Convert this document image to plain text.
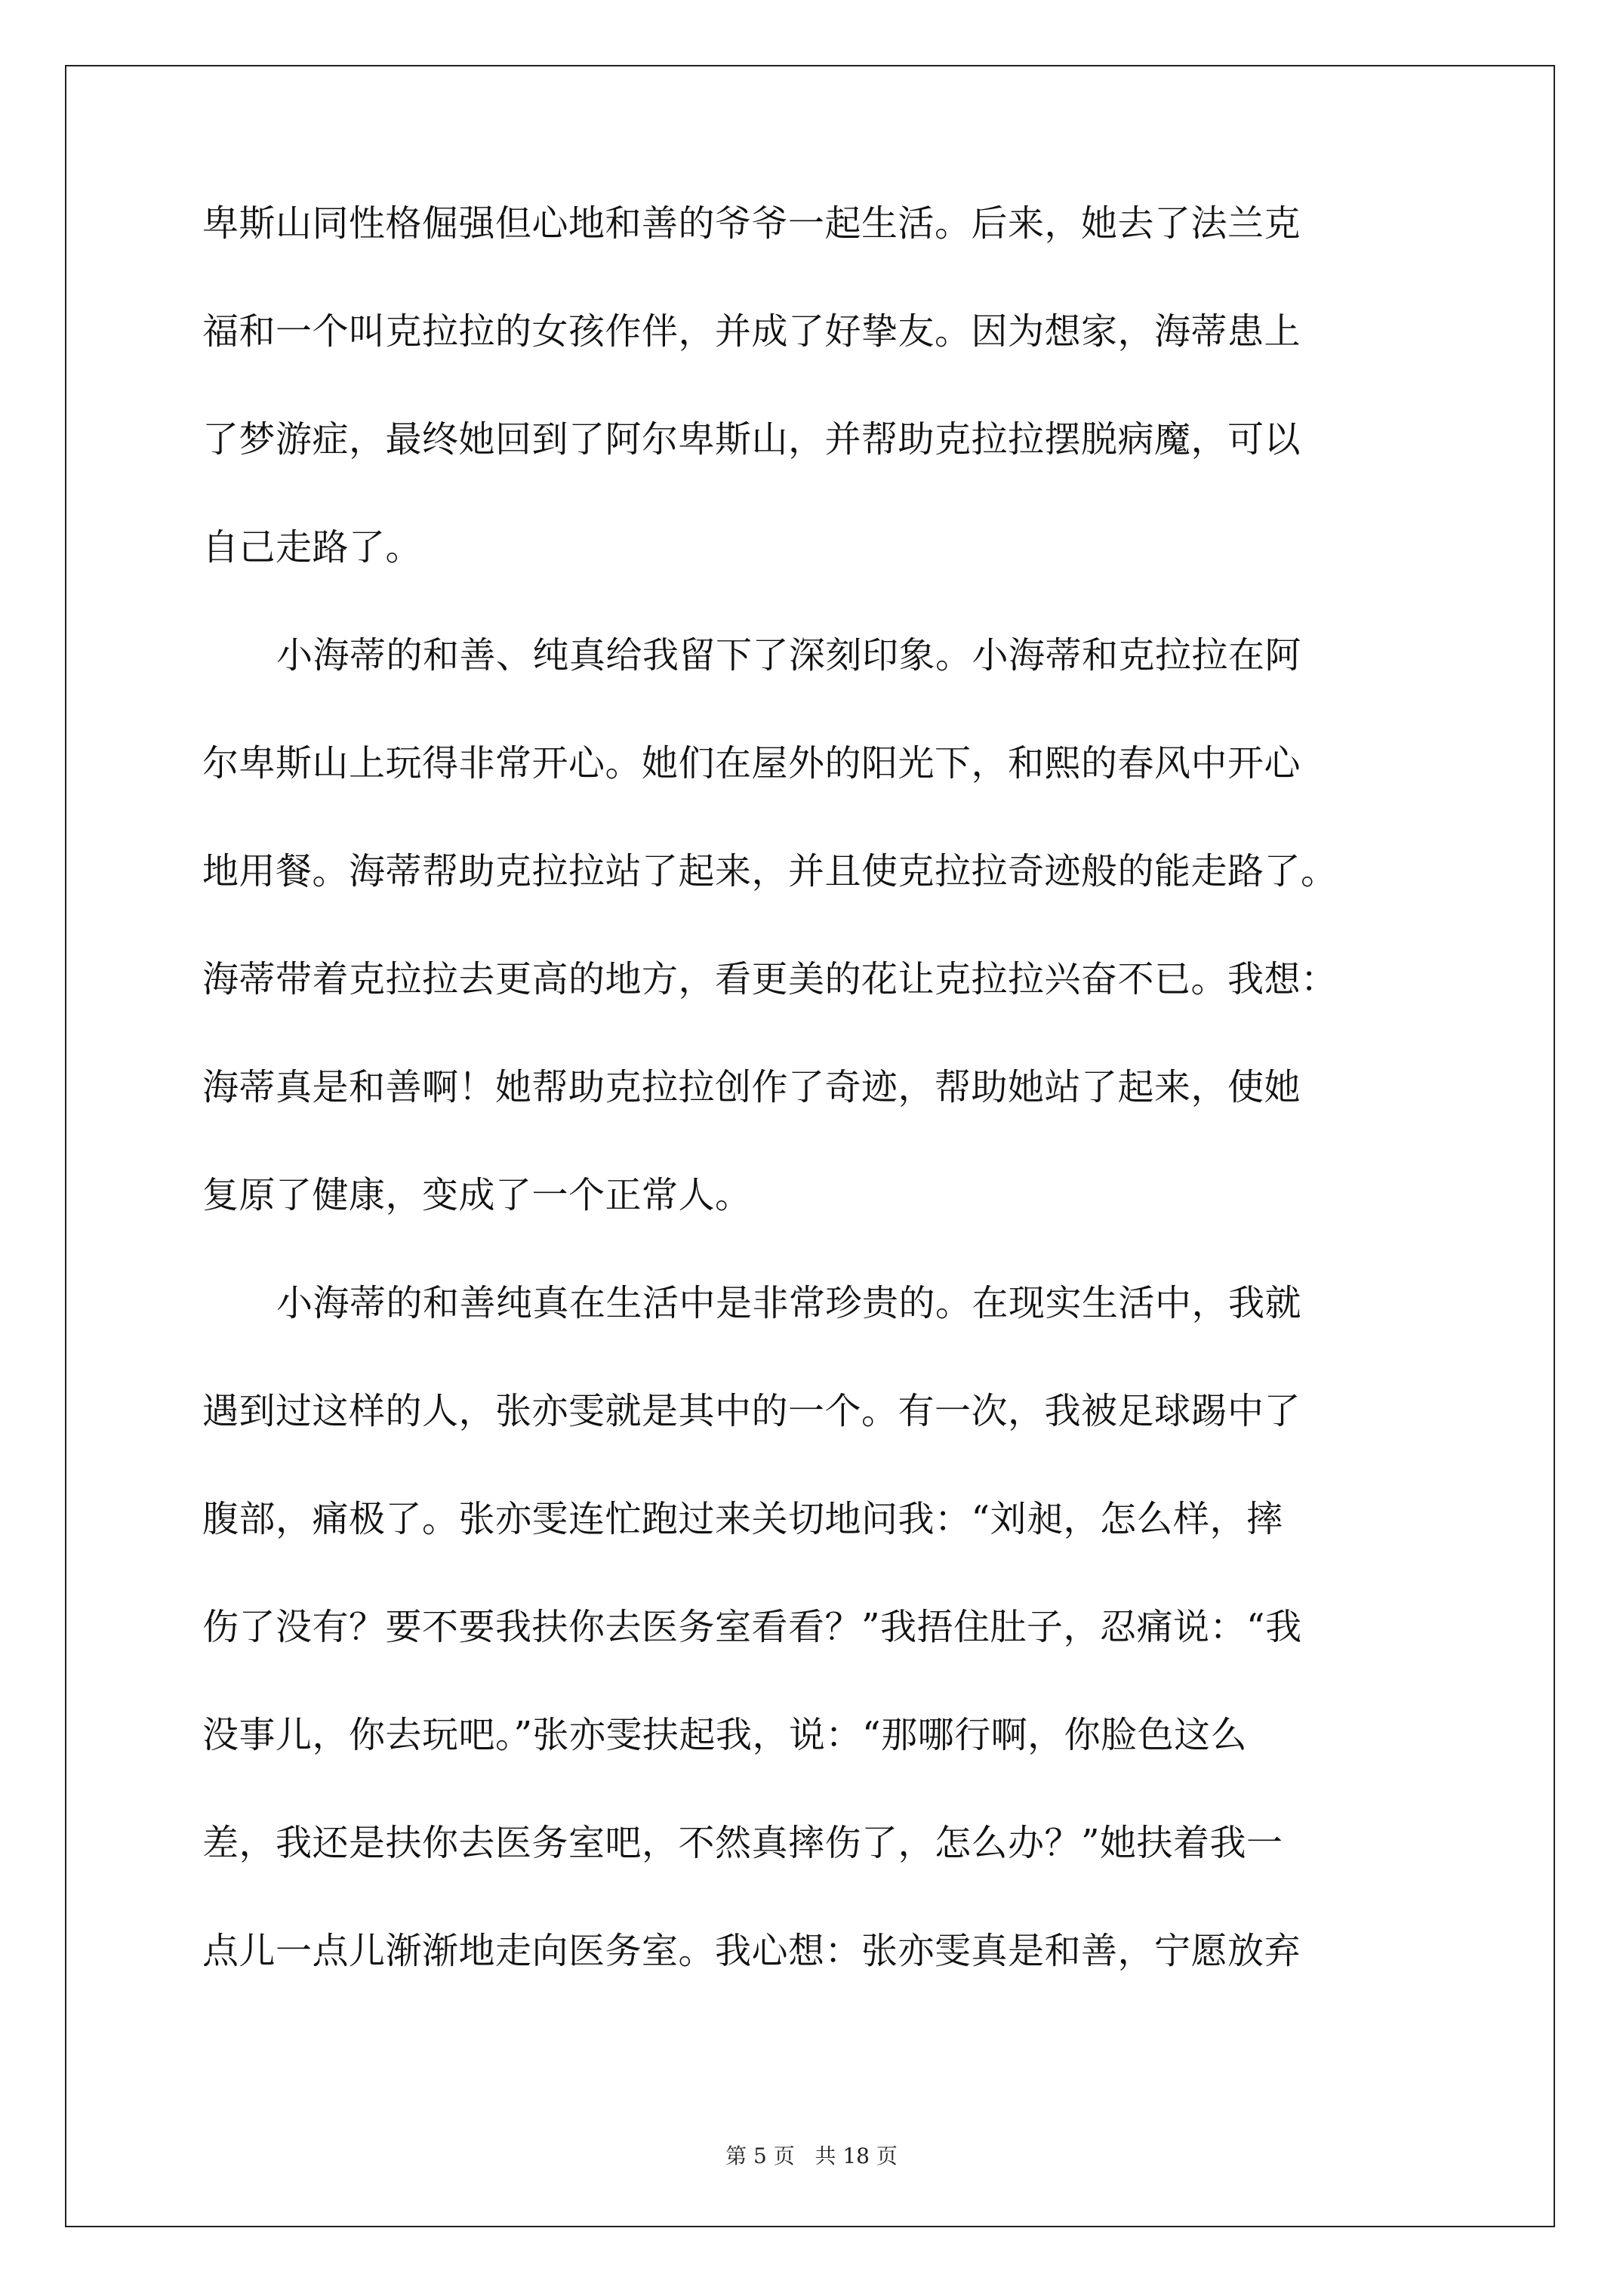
卑斯山同性格倔强但心地和善的爷爷一起生活。后来，她去了法兰克
福和一个叫克拉拉的女孩作伴，并成了好挚友。因为想家，海蒂患上
了梦游症，最终她回到了阿尔卑斯山，并帮助克拉拉摆脱病魔，可以
自己走路了。
小海蒂的和善、纯真给我留下了深刻印象。小海蒂和克拉拉在阿
尔卑斯山上玩得非常开心。她们在屋外的阳光下，和熙的春风中开心
地用餐。海蒂帮助克拉拉站了起来，并且使克拉拉奇迹般的能走路了。
海蒂带着克拉拉去更高的地方，看更美的花让克拉拉兴奋不已。我想：
海蒂真是和善啊！她帮助克拉拉创作了奇迹，帮助她站了起来，使她
复原了健康，变成了一个正常人。
小海蒂的和善纯真在生活中是非常珍贵的。在现实生活中，我就
遇到过这样的人，张亦雯就是其中的一个。有一次，我被足球踢中了
腹部，痛极了。张亦雯连忙跑过来关切地问我：“刘昶，怎么样，摔
伤了没有？要不要我扶你去医务室看看？”我捂住肚子，忍痛说：“我
没事儿，你去玩吧。”张亦雯扶起我，说：“那哪行啊，你脸色这么
差，我还是扶你去医务室吧，不然真摔伤了，怎么办？”她扶着我一
点儿一点儿渐渐地走向医务室。我心想：张亦雯真是和善，宁愿放弃
第 5 页 共 18 页
